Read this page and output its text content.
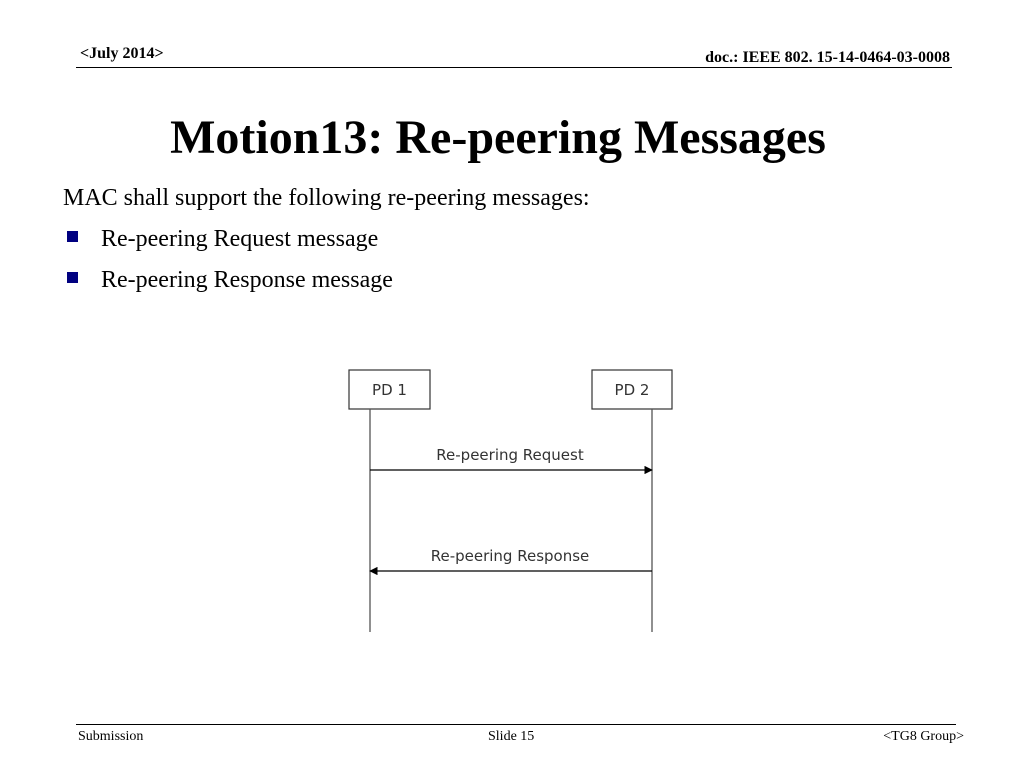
<July 2014>	doc.: IEEE 802. 15-14-0464-03-0008
Motion13: Re-peering Messages
MAC shall support the following re-peering messages:
Re-peering Request message
Re-peering Response message
PD 1	PD 2
Re-peering Request
Re-peering Response
Submission	Slide 15	<TG8 Group>
